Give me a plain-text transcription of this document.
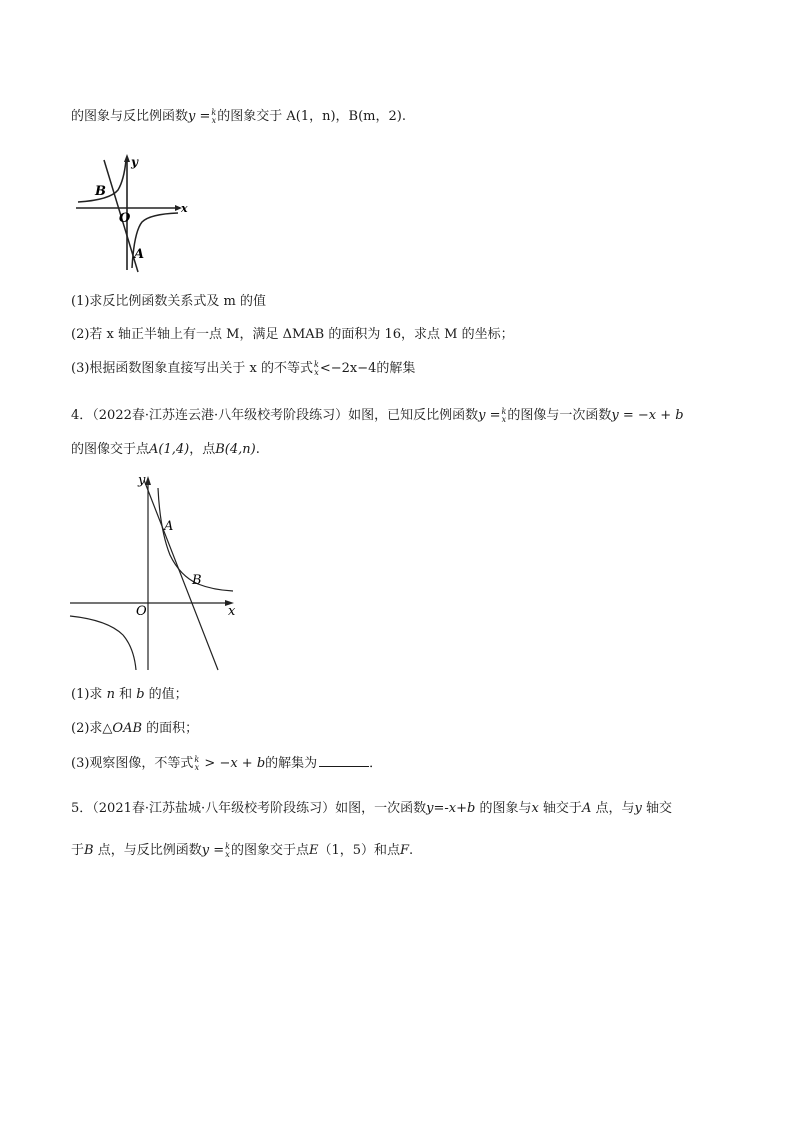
的图象与反比例函数y = k
x 的图象交于 A(1，n)，B(m，2).
B
y
x
O
A
(1)求反比例函数关系式及 m 的值
(2)若 x 轴正半轴上有一点 M，满足 ΔMAB 的面积为 16，求点 M 的坐标；
(3)根据函数图象直接写出关于 x 的不等式 k
x <−2x−4的解集
4．（2022春·江苏连云港·八年级校考阶段练习）如图，已知反比例函数y = k
x 的图像与一次函数y = −x + b
的图像交于点A(1,4)，点B(4,n).
y
A
B
O	x
(1)求 n 和 b 的值；
(2)求△OAB 的面积；
(3)观察图像，不等式 k
x > −x + b的解集为	．
5．（2021春·江苏盐城·八年级校考阶段练习）如图，一次函数y=-x+b 的图象与x 轴交于A 点，与y 轴交
于B 点，与反比例函数y = k
x 的图象交于点E（1，5）和点F.
